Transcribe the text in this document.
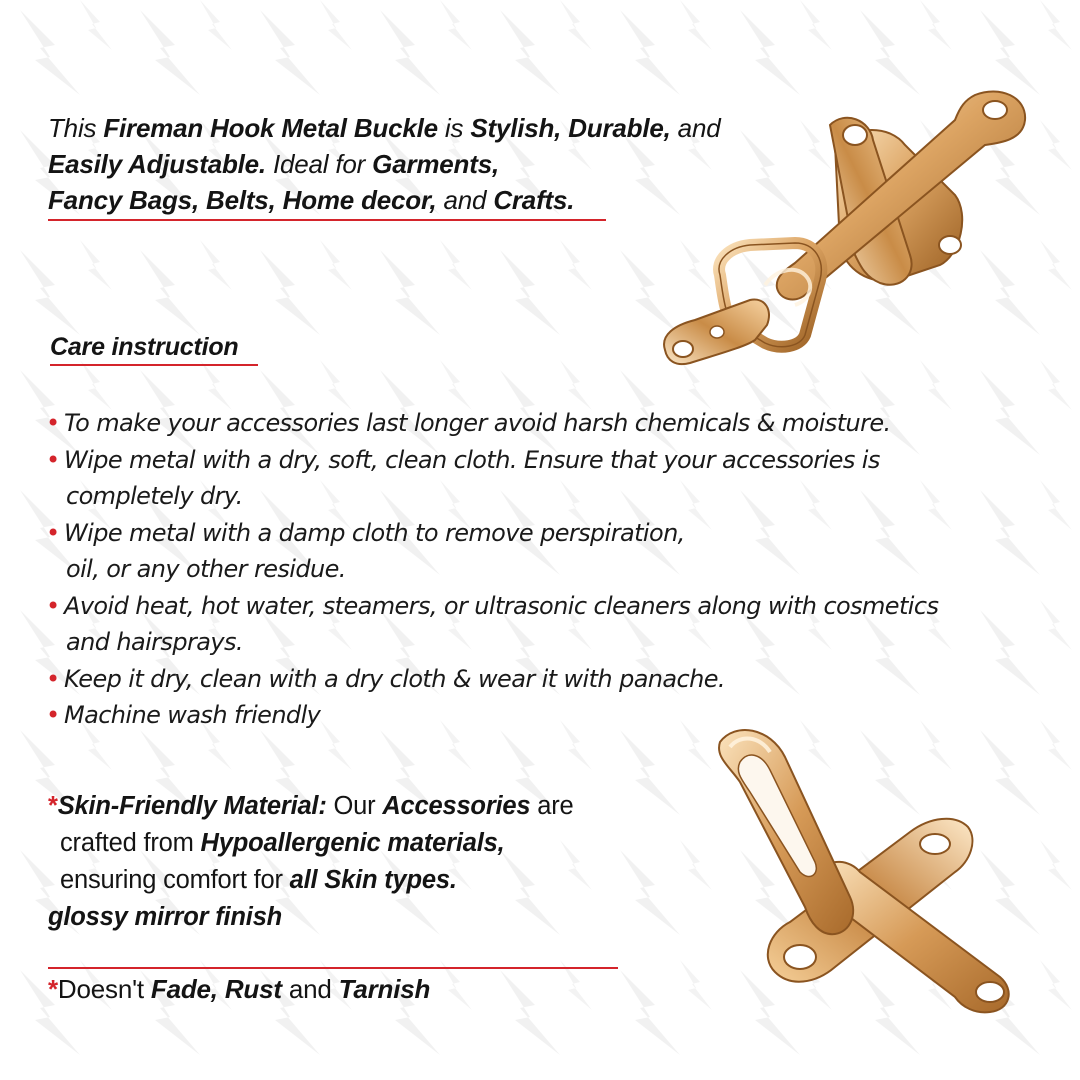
This Fireman Hook Metal Buckle is Stylish, Durable, and
Easily Adjustable. Ideal for Garments,
Fancy Bags, Belts, Home decor, and Crafts.
Care instruction
• To make your accessories last longer avoid harsh chemicals & moisture.
• Wipe metal with a dry, soft, clean cloth. Ensure that your accessories is
completely dry.
• Wipe metal with a damp cloth to remove perspiration,
oil, or any other residue.
• Avoid heat, hot water, steamers, or ultrasonic cleaners along with cosmetics
and hairsprays.
• Keep it dry, clean with a dry cloth & wear it with panache.
• Machine wash friendly
*Skin-Friendly Material: Our Accessories are
crafted from Hypoallergenic materials,
ensuring comfort for all Skin types.
glossy mirror finish
*Doesn't Fade, Rust and Tarnish
